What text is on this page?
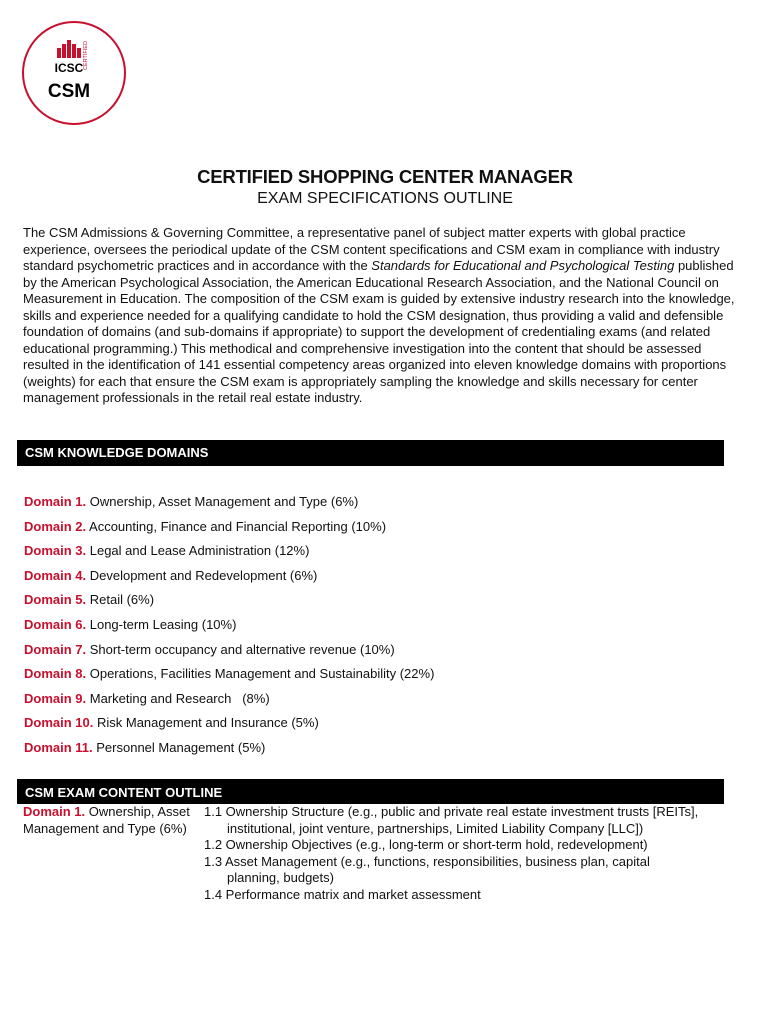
ICSC CERTIFIED
CSM
CERTIFIED SHOPPING CENTER MANAGER
EXAM SPECIFICATIONS OUTLINE

The CSM Admissions & Governing Committee, a representative panel of subject matter experts with global practice experience, oversees the periodical update of the CSM content specifications and CSM exam in compliance with industry standard psychometric practices and in accordance with the Standards for Educational and Psychological Testing published by the American Psychological Association, the American Educational Research Association, and the National Council on Measurement in Education. The composition of the CSM exam is guided by extensive industry research into the knowledge, skills and experience needed for a qualifying candidate to hold the CSM designation, thus providing a valid and defensible foundation of domains (and sub-domains if appropriate) to support the development of credentialing exams (and related educational programming.) This methodical and comprehensive investigation into the content that should be assessed resulted in the identification of 141 essential competency areas organized into eleven knowledge domains with proportions (weights) for each that ensure the CSM exam is appropriately sampling the knowledge and skills necessary for center management professionals in the retail real estate industry.

CSM KNOWLEDGE DOMAINS
Domain 1. Ownership, Asset Management and Type (6%)
Domain 2. Accounting, Finance and Financial Reporting (10%)
Domain 3. Legal and Lease Administration (12%)
Domain 4. Development and Redevelopment (6%)
Domain 5. Retail (6%)
Domain 6. Long-term Leasing (10%)
Domain 7. Short-term occupancy and alternative revenue (10%)
Domain 8. Operations, Facilities Management and Sustainability (22%)
Domain 9. Marketing and Research   (8%)
Domain 10. Risk Management and Insurance (5%)
Domain 11. Personnel Management (5%)
CSM EXAM CONTENT OUTLINE
Domain 1. Ownership, Asset Management and Type (6%)
1.1 Ownership Structure (e.g., public and private real estate investment trusts [REITs], institutional, joint venture, partnerships, Limited Liability Company [LLC])
1.2 Ownership Objectives (e.g., long-term or short-term hold, redevelopment)
1.3 Asset Management (e.g., functions, responsibilities, business plan, capital planning, budgets)
1.4 Performance matrix and market assessment
